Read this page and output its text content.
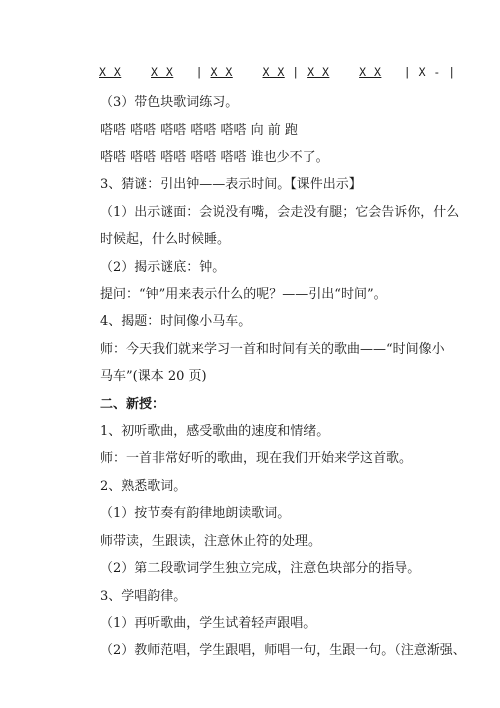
X X	X X | X X	X X | X X	X X | X - |
（3）带色块歌词练习。
嗒嗒 嗒嗒 嗒嗒 嗒嗒 嗒嗒 向 前 跑
嗒嗒 嗒嗒 嗒嗒 嗒嗒 嗒嗒 谁也少不了。
3、猜谜：引出钟——表示时间。【课件出示】
（1）出示谜面：会说没有嘴，会走没有腿；它会告诉你，什么
时候起，什么时候睡。
（2）揭示谜底：钟。
提问：“钟”用来表示什么的呢？——引出“时间”。
4、揭题：时间像小马车。
师：今天我们就来学习一首和时间有关的歌曲——“时间像小
马车”(课本 20 页)
二、新授：
1、初听歌曲，感受歌曲的速度和情绪。
师：一首非常好听的歌曲，现在我们开始来学这首歌。
2、熟悉歌词。
（1）按节奏有韵律地朗读歌词。
师带读，生跟读，注意休止符的处理。
（2）第二段歌词学生独立完成，注意色块部分的指导。
3、学唱韵律。
（1）再听歌曲，学生试着轻声跟唱。
（2）教师范唱，学生跟唱，师唱一句，生跟一句。（注意渐强、
